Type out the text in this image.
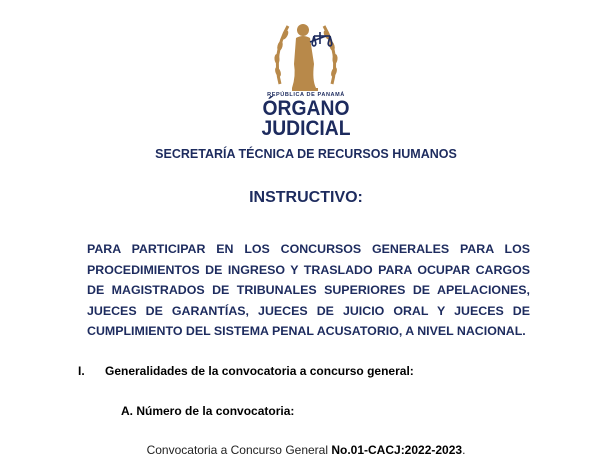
REPÚBLICA DE PANAMÁ
ÓRGANO
JUDICIAL
SECRETARÍA TÉCNICA DE RECURSOS HUMANOS
INSTRUCTIVO:
PARA PARTICIPAR EN LOS CONCURSOS GENERALES PARA LOS PROCEDIMIENTOS DE INGRESO Y TRASLADO PARA OCUPAR CARGOS DE MAGISTRADOS DE TRIBUNALES SUPERIORES DE APELACIONES, JUECES DE GARANTÍAS, JUECES DE JUICIO ORAL Y JUECES DE CUMPLIMIENTO DEL SISTEMA PENAL ACUSATORIO, A NIVEL NACIONAL.
I. Generalidades de la convocatoria a concurso general:
A. Número de la convocatoria:
Convocatoria a Concurso General No.01-CACJ:2022-2023.
